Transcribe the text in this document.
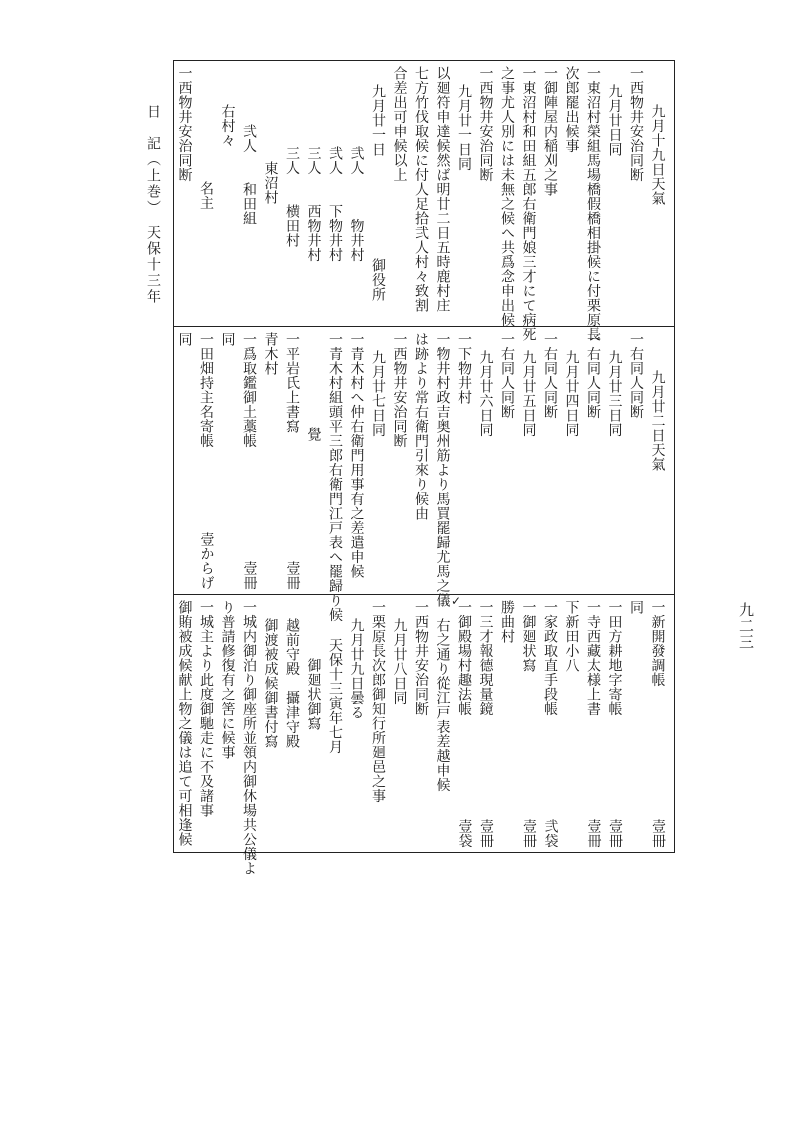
日　記（上巻）　天保十三年
九二三
九月十九日天氣
一西物井安治同断
九月廿日同
一東沼村榮組馬場橋假橋相掛候に付栗原長
次郎罷出候事
一御陣屋内稲刈之事
一東沼村和田組五郎右衛門娘三才にて病死
之事尤人別には未無之候へ共爲念申出候
一西物井安治同断
九月廿一日同
以廻符申達候然ば明廿二日五時鹿村庄
七方竹伐取候に付人足拾弐人村々致割
合差出可申候以上
九月廿一日　　　　　　　御役所
弐人　　　物井村
弐人　　下物井村
三人　　西物井村
三人　　横田村
東沼村
弐人　　和田組
右村々
名主
一西物井安治同断
九月廿二日天氣
一右同人同断
九月廿三日同
一右同人同断
九月廿四日同
一右同人同断
九月廿五日同
一右同人同断
九月廿六日同
一下物井村
一物井村政吉奥州筋より馬買罷歸尤馬之儀
は跡より常右衛門引來り候由
一西物井安治同断
九月廿七日同
一青木村へ仲右衛門用事有之差遣申候
一青木村組頭平三郎右衛門江戸表へ罷歸り候
覺
一平岩氏上書寫
壹冊
青木村
一爲取鑑御土藁帳
壹冊
同
一田畑持主名寄帳
壹からげ
同
一新開發調帳
壹冊
同
一田方耕地字寄帳
壹冊
一寺西藏太様上書
壹冊
下新田小八
一家政取直手段帳
弐袋
一御廻状寫
壹冊
勝曲村
一三才報德現量鏡
壹冊
一御殿場村趣法帳
壹袋
右之通り從江戸表差越申候
一西物井安治同断
九月廿八日同
一栗原長次郎御知行所廻邑之事
九月廿九日曇る
天保十三寅年七月
御廻状御寫
越前守殿　攝津守殿
御渡被成候御書付寫
一城内御泊り御座所並領内御休場共公儀よ
り普請修復有之筈に候事
一城主より此度御馳走に不及諸事
御賄被成候献上物之儀は追て可相逢候	✓
